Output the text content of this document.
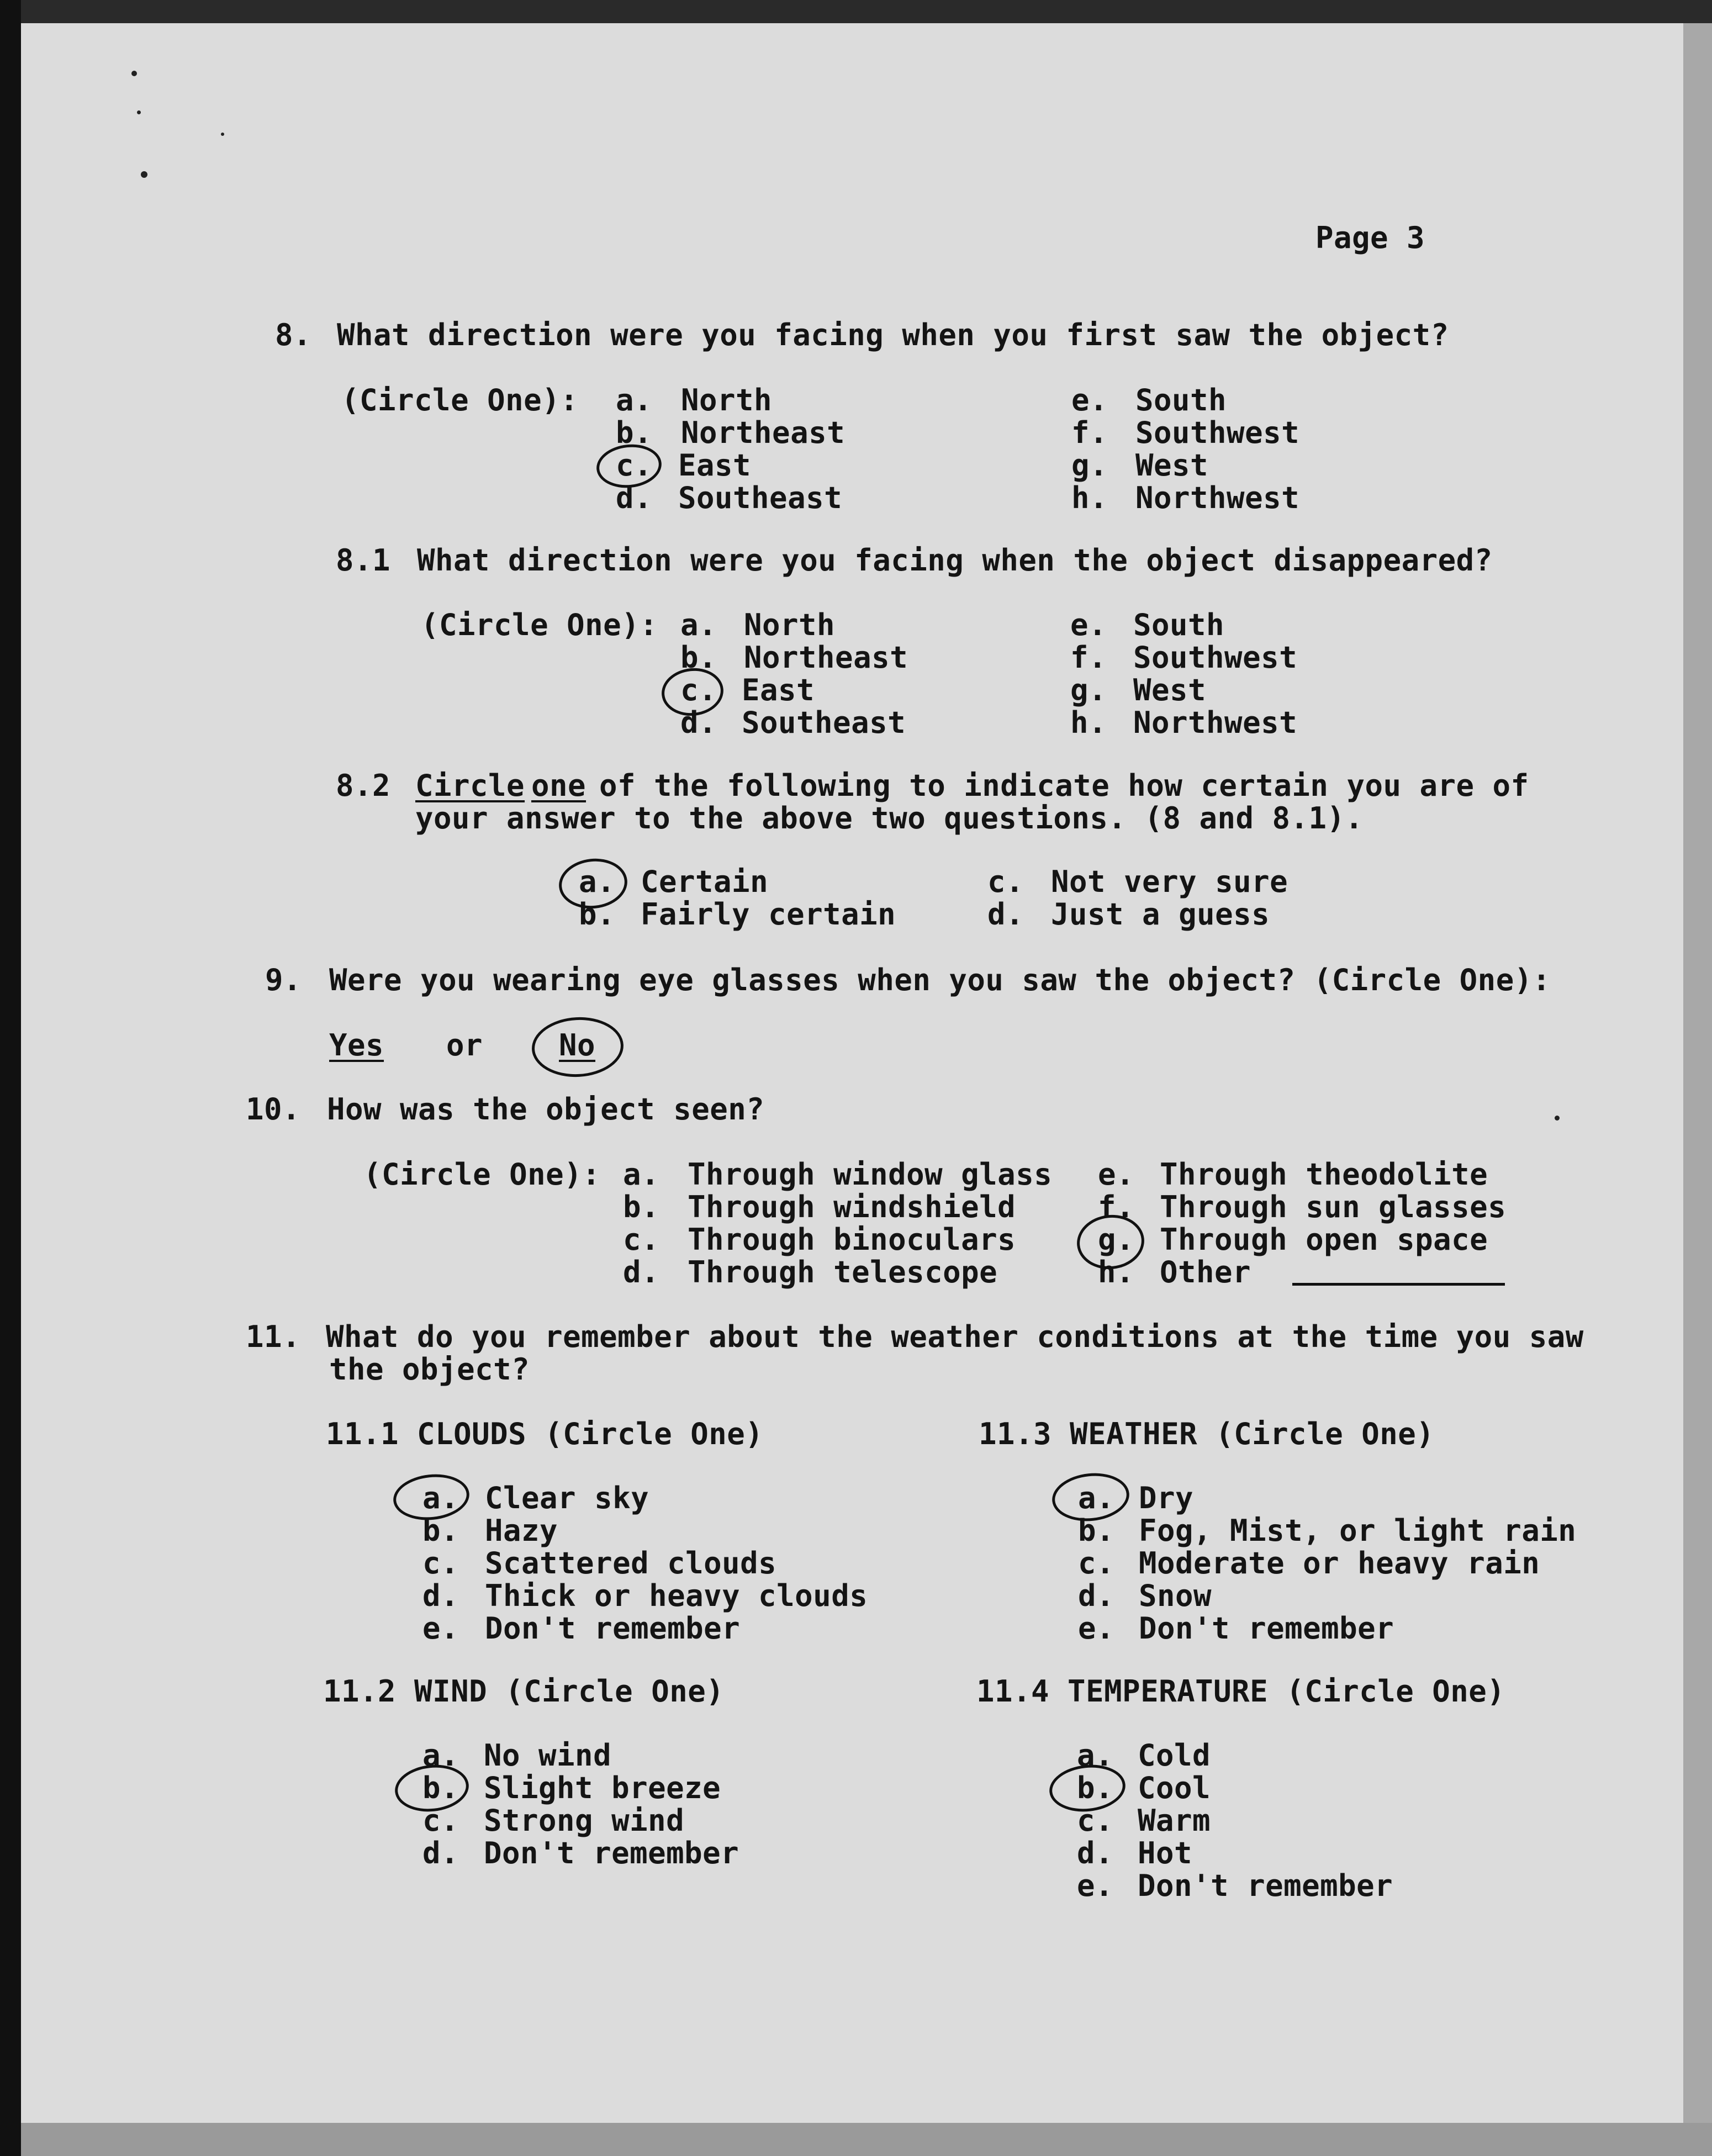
Page 3
8. What direction were you facing when you first saw the object?
(Circle One): a. North
b. Northeast
c. East
d. Southeast
e. South
f. Southwest
g. West
h. Northwest
8.1 What direction were you facing when the object disappeared?
(Circle One): a. North
b. Northeast
c. East
d. Southeast
e. South
f. Southwest
g. West
h. Northwest
8.2 Circle one of the following to indicate how certain you are of
your answer to the above two questions. (8 and 8.1).
a. Certain
b. Fairly certain
c. Not very sure
d. Just a guess
9. Were you wearing eye glasses when you saw the object? (Circle One):
Yes or	No
10. How was the object seen?
(Circle One): a. Through window glass
b. Through windshield
c. Through binoculars
d. Through telescope
e. Through theodolite
f. Through sun glasses
g. Through open space
h. Other
11. What do you remember about the weather conditions at the time you saw
the object?
11.1 CLOUDS (Circle One)
a. Clear sky
b. Hazy
c. Scattered clouds
d. Thick or heavy clouds
e. Don't remember
11.3 WEATHER (Circle One)
a. Dry
b. Fog, Mist, or light rain
c. Moderate or heavy rain
d. Snow
e. Don't remember
11.2 WIND (Circle One)
a. No wind
b. Slight breeze
c. Strong wind
d. Don't remember
11.4 TEMPERATURE (Circle One)
a. Cold
b. Cool
c. Warm
d. Hot
e. Don't remember
